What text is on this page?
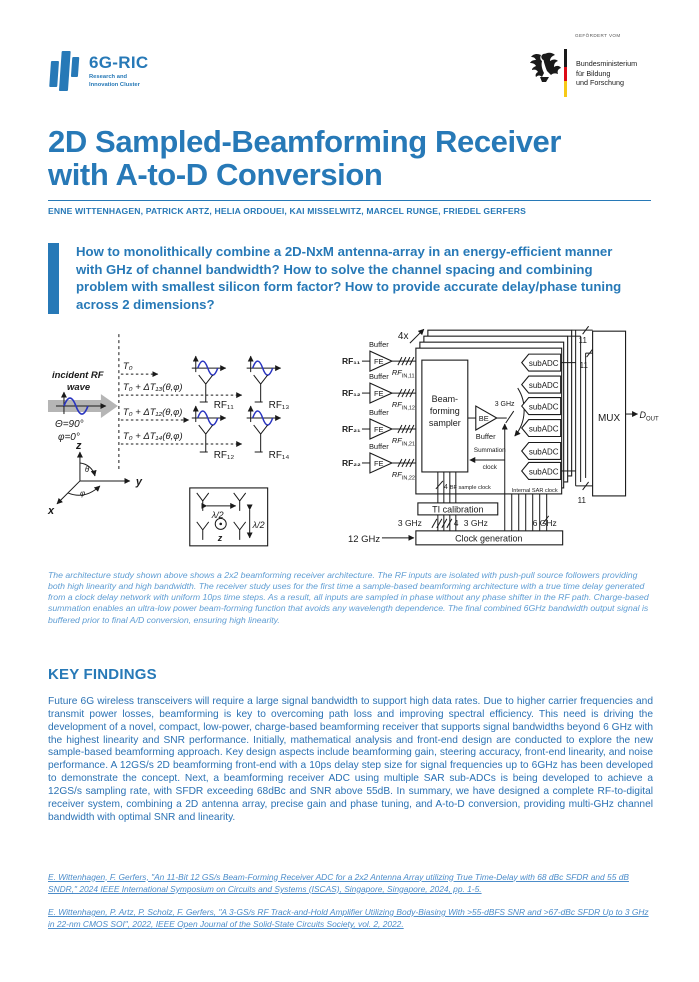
6G-RIC
Research and
Innovation Cluster
GEFÖRDERT VOM
Bundesministerium
für Bildung
und Forschung
2D Sampled-Beamforming Receiver
with A-to-D Conversion
ENNE WITTENHAGEN, PATRICK ARTZ, HELIA ORDOUEI, KAI MISSELWITZ, MARCEL RUNGE, FRIEDEL GERFERS

How to monolithically combine a 2D-NxM antenna-array in an energy-efficient manner with GHz of channel bandwidth? How to solve the channel spacing and combining problem with smallest silicon form factor? How to provide accurate delay/phase tuning across 2 dimensions?

incident RF
wave
Θ=90°
φ=0°
z
y
x
θ
φ
T₀
T₀ + ΔT₁₃(θ,φ)
T₀ + ΔT₁₂(θ,φ)
T₀ + ΔT₁₄(θ,φ)
RF₁₁	RF₁₃
RF₁₂	RF₁₄
λ/2
z
λ/2
4x	11
11
11
RF₁₁ FE
Buffer
$RF_{IN,11}$
RF₁₂ FE
Buffer
$RF_{IN,12}$
RF₂₁ FE
Buffer
$RF_{IN,21}$
RF₂₂ FE
Buffer
$RF_{IN,22}$
Beam-
forming
sampler BE
Buffer
3 GHz
subADC
subADC
subADC
subADC
subADC
subADC
MUX DOUT
Summation
clock
4 BF sample clock	Internal SAR clock
TI calibration
3 GHz	4 3 GHz	6 GHz
Clock generation
12 GHz

The architecture study shown above shows a 2x2 beamforming receiver architecture. The RF inputs are isolated with push-pull source followers providing both high linearity and high bandwidth. The receiver study uses for the first time a sample-based beamforming architecture with a true time delay generated from a clock delay network with uniform 10ps time steps. As a result, all inputs are sampled in phase without any phase shifter in the RF path. Charge-based summation enables an ultra-low power beam-forming function that avoids any wavelength dependence. The final combined 6GHz bandwidth output signal is buffered prior to final A/D conversion, ensuring high linearity.

KEY FINDINGS

Future 6G wireless transceivers will require a large signal bandwidth to support high data rates. Due to higher carrier frequencies and transmit power losses, beamforming is key to overcoming path loss and improving spectral efficiency. This need is driving the development of a novel, compact, low-power, charge-based beamforming receiver that supports signal bandwidths beyond 6 GHz with the highest linearity and SNR performance. Initially, mathematical analysis and front-end design are conducted to explore the new sample-based beamforming approach. Key design aspects include beamforming gain, steering accuracy, front-end linearity, and noise performance. A 12GS/s 2D beamforming front-end with a 10ps delay step size for signal frequencies up to 6GHz has been developed to demonstrate the concept. Next, a beamforming receiver ADC using multiple SAR sub-ADCs is being developed to achieve a 12GS/s sampling rate, with SFDR exceeding 68dBc and SNR above 55dB. In summary, we have designed a complete RF-to-digital receiver system, combining a 2D antenna array, precise gain and phase tuning, and A-to-D conversion, providing multi-GHz channel bandwidth with optimal SNR and linearity.

E. Wittenhagen, F. Gerfers, "An 11-Bit 12 GS/s Beam-Forming Receiver ADC for a 2x2 Antenna Array utilizing True Time-Delay with 68 dBc SFDR and 55 dB SNDR," 2024 IEEE International Symposium on Circuits and Systems (ISCAS), Singapore, Singapore, 2024, pp. 1-5.

E. Wittenhagen, P. Artz, P. Scholz, F. Gerfers, "A 3-GS/s RF Track-and-Hold Amplifier Utilizing Body-Biasing With >55-dBFS SNR and >67-dBc SFDR Up to 3 GHz in 22-nm CMOS SOI", 2022, IEEE Open Journal of the Solid-State Circuits Society, vol. 2, 2022.
